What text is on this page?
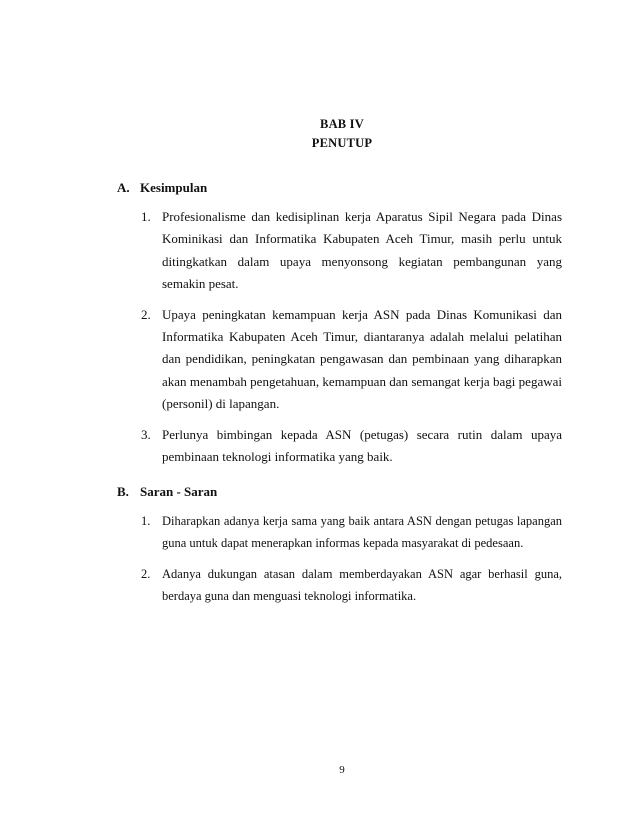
BAB IV
PENUTUP
A. Kesimpulan
1. Profesionalisme dan kedisiplinan kerja Aparatus Sipil Negara pada Dinas Kominikasi dan Informatika Kabupaten Aceh Timur, masih perlu untuk ditingkatkan dalam upaya menyonsong kegiatan pembangunan yang semakin pesat.
2. Upaya peningkatan kemampuan kerja ASN pada Dinas Komunikasi dan Informatika Kabupaten Aceh Timur, diantaranya adalah melalui pelatihan dan pendidikan, peningkatan pengawasan dan pembinaan yang diharapkan akan menambah pengetahuan, kemampuan dan semangat kerja bagi pegawai (personil) di lapangan.
3. Perlunya bimbingan kepada ASN (petugas) secara rutin dalam upaya pembinaan teknologi informatika yang baik.
B. Saran - Saran
1. Diharapkan adanya kerja sama yang baik antara ASN dengan petugas lapangan guna untuk dapat menerapkan informas kepada masyarakat di pedesaan.
2. Adanya dukungan atasan dalam memberdayakan ASN agar berhasil guna, berdaya guna dan menguasi teknologi informatika.
9
